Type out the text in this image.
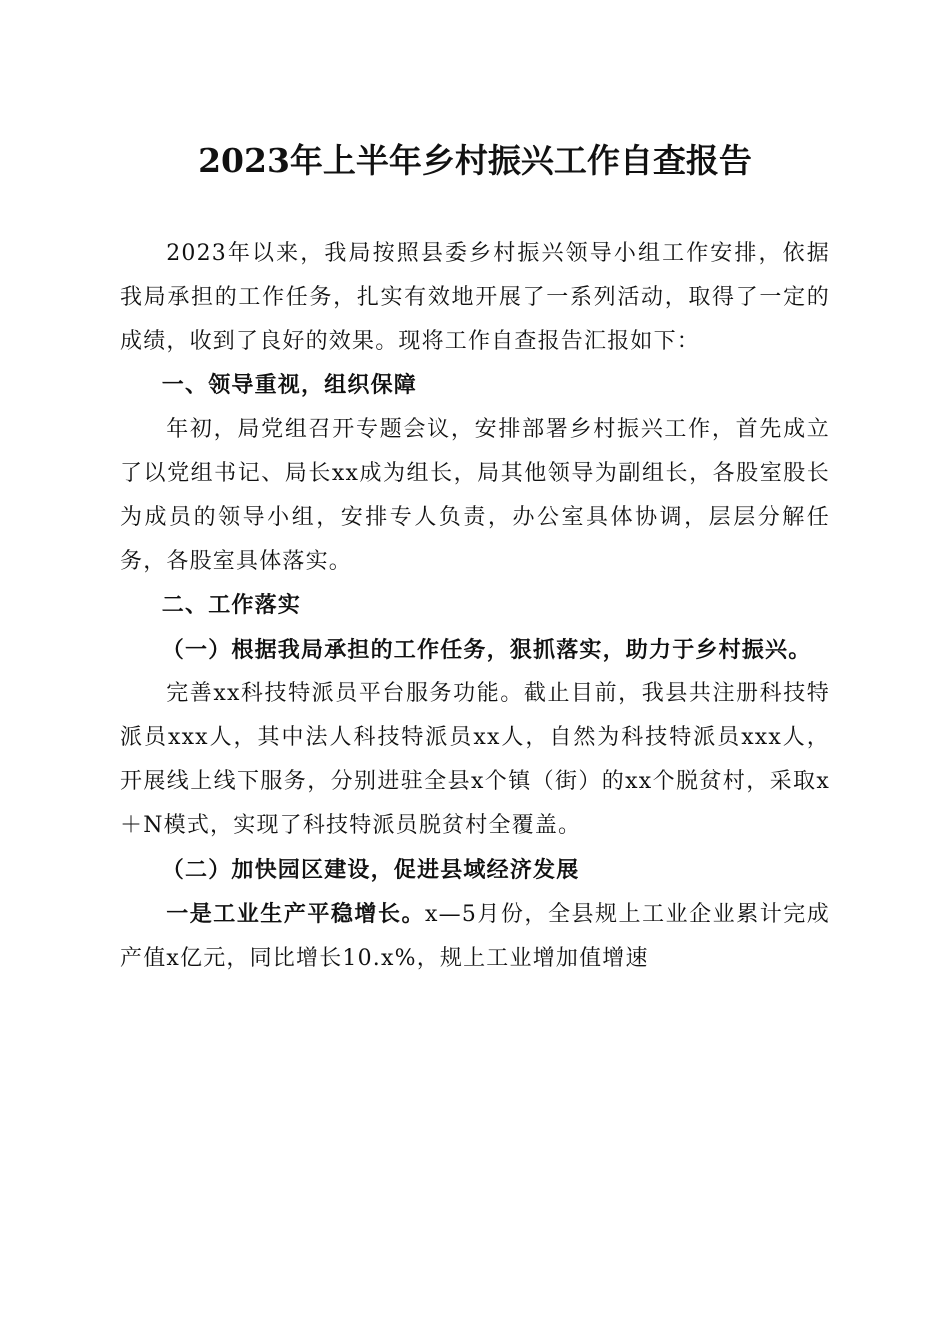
2023年上半年乡村振兴工作自查报告

2023年以来，我局按照县委乡村振兴领导小组工作安排，依据我局承担的工作任务，扎实有效地开展了一系列活动，取得了一定的成绩，收到了良好的效果。现将工作自查报告汇报如下：

一、领导重视，组织保障

年初，局党组召开专题会议，安排部署乡村振兴工作，首先成立了以党组书记、局长xx成为组长，局其他领导为副组长，各股室股长为成员的领导小组，安排专人负责，办公室具体协调，层层分解任务，各股室具体落实。

二、工作落实
（一）根据我局承担的工作任务，狠抓落实，助力于乡村振兴。

完善xx科技特派员平台服务功能。截止目前，我县共注册科技特派员xxx人，其中法人科技特派员xx人，自然为科技特派员xxx人，开展线上线下服务，分别进驻全县x个镇（街）的xx个脱贫村，采取x＋N模式，实现了科技特派员脱贫村全覆盖。

（二）加快园区建设，促进县域经济发展

一是工业生产平稳增长。x—5月份，全县规上工业企业累计完成产值x亿元，同比增长10.x%，规上工业增加值增速
